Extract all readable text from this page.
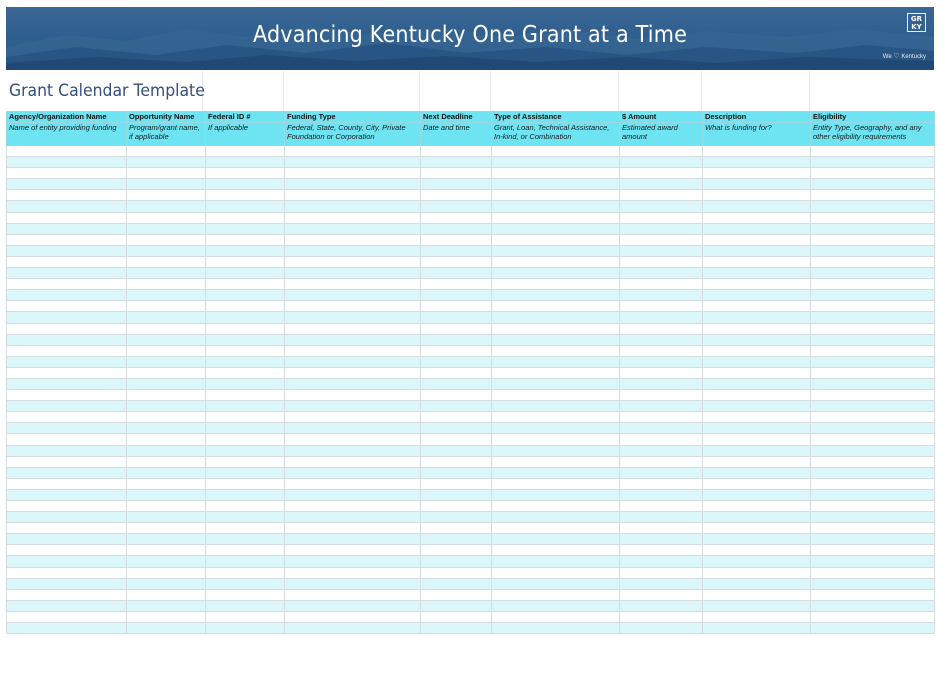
Advancing Kentucky One Grant at a Time
GR
KY
We ♡ Kentucky
Grant Calendar Template
Agency/Organization Name	Opportunity Name	Federal ID #	Funding Type	Next Deadline	Type of Assistance	$ Amount	Description	Eligibility
Name of entity providing funding	Program/grant name, if applicable	If applicable	Federal, State, County, City, Private Foundation or Corporation	Date and time	Grant, Loan, Technical Assistance, In-kind, or Combination	Estimated award amount	What is funding for?	Entity Type, Geography, and any other eligibility requirements
